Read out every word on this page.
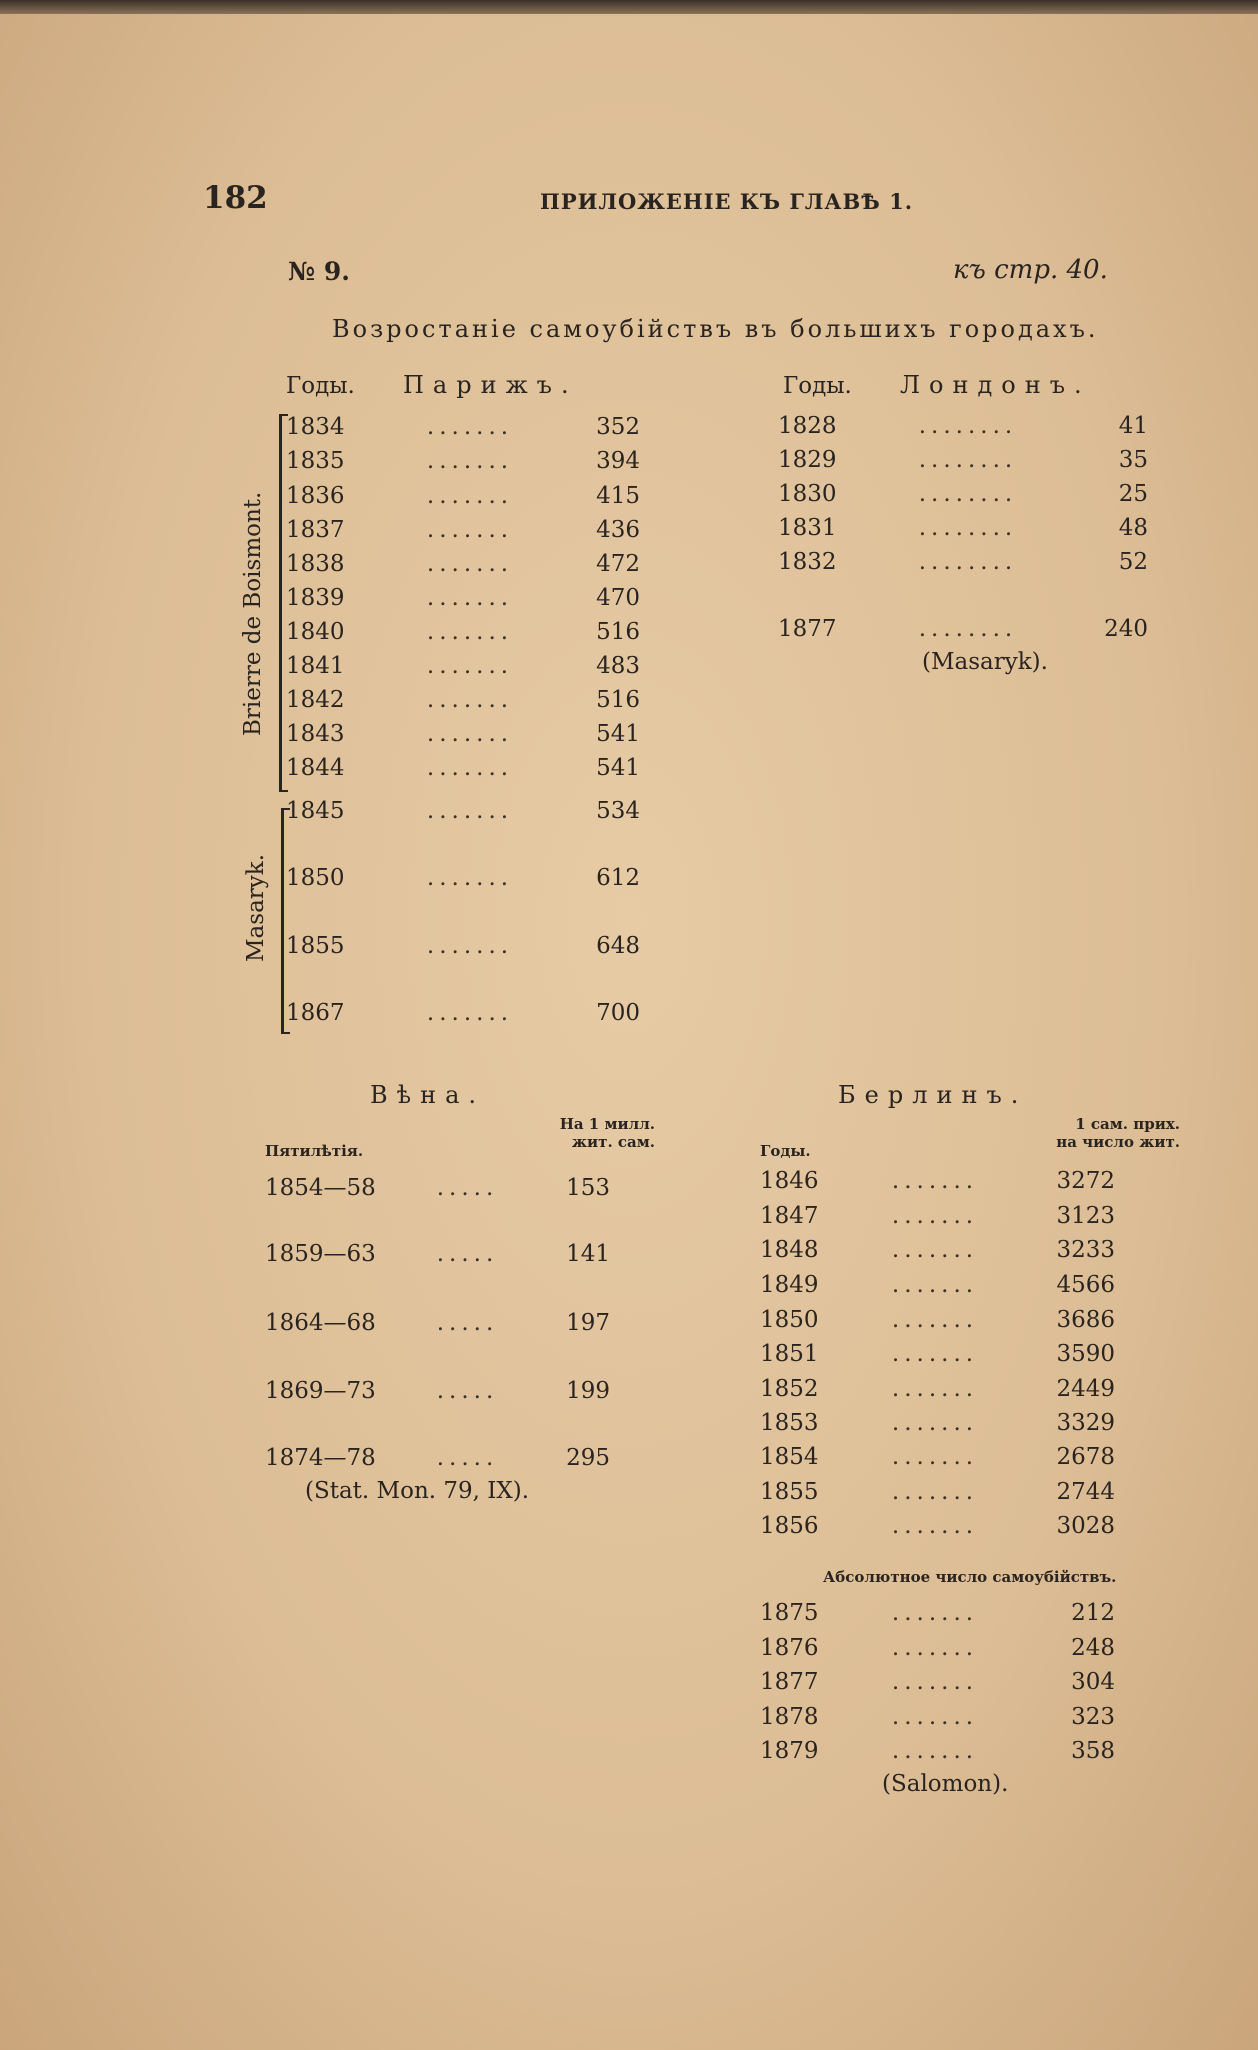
182	ПРИЛОЖЕНІЕ КЪ ГЛАВѢ 1.
№ 9.	къ стр. 40.
Возростаніе самоубійствъ въ большихъ городахъ.
Годы. Парижъ.
Brierre de Boismont.
Masaryk.
1834	.......	352
1835	.......	394
1836	.......	415
1837	.......	436
1838	.......	472
1839	.......	470
1840	.......	516
1841	.......	483
1842	.......	516
1843	.......	541
1844	.......	541
1845	.......	534
1850	.......	612
1855	.......	648
1867	.......	700
Годы. Лондонъ.
1828	........	41
1829	........	35
1830	........	25
1831	........	48
1832	........	52
1877	........	240
(Masaryk).
Вѣна.
Пятилѣтія.
На 1 милл.
жит. сам.
1854—58	.....	153
1859—63	.....	141
1864—68	.....	197
1869—73	.....	199
1874—78	.....	295
(Stat. Mon. 79, IX).
Берлинъ.
Годы.
1 сам. прих.
на число жит.
1846	.......	3272
1847	.......	3123
1848	.......	3233
1849	.......	4566
1850	.......	3686
1851	.......	3590
1852	.......	2449
1853	.......	3329
1854	.......	2678
1855	.......	2744
1856	.......	3028
Абсолютное число самоубійствъ.
1875	.......	212
1876	.......	248
1877	.......	304
1878	.......	323
1879	.......	358
(Salomon).
